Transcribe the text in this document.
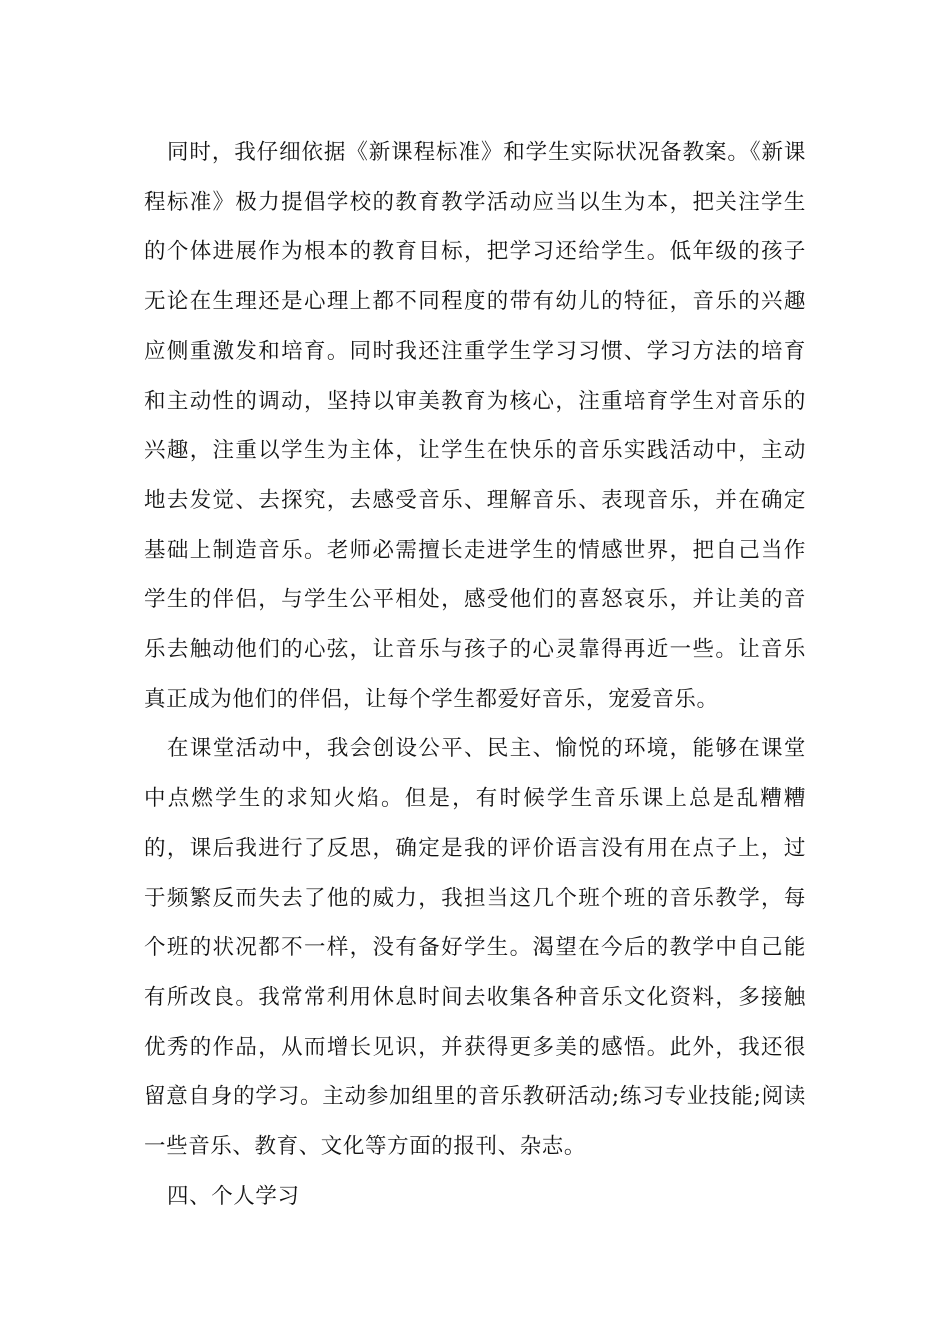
同时，我仔细依据《新课程标准》和学生实际状况备教案。《新课程标准》极力提倡学校的教育教学活动应当以生为本，把关注学生的个体进展作为根本的教育目标，把学习还给学生。低年级的孩子无论在生理还是心理上都不同程度的带有幼儿的特征，音乐的兴趣应侧重激发和培育。同时我还注重学生学习习惯、学习方法的培育和主动性的调动，坚持以审美教育为核心，注重培育学生对音乐的兴趣，注重以学生为主体，让学生在快乐的音乐实践活动中，主动地去发觉、去探究，去感受音乐、理解音乐、表现音乐，并在确定基础上制造音乐。老师必需擅长走进学生的情感世界，把自己当作学生的伴侣，与学生公平相处，感受他们的喜怒哀乐，并让美的音乐去触动他们的心弦，让音乐与孩子的心灵靠得再近一些。让音乐真正成为他们的伴侣，让每个学生都爱好音乐，宠爱音乐。

在课堂活动中，我会创设公平、民主、愉悦的环境，能够在课堂中点燃学生的求知火焰。但是，有时候学生音乐课上总是乱糟糟的，课后我进行了反思，确定是我的评价语言没有用在点子上，过于频繁反而失去了他的威力，我担当这几个班个班的音乐教学，每个班的状况都不一样，没有备好学生。渴望在今后的教学中自己能有所改良。我常常利用休息时间去收集各种音乐文化资料，多接触优秀的作品，从而增长见识，并获得更多美的感悟。此外，我还很留意自身的学习。主动参加组里的音乐教研活动;练习专业技能;阅读一些音乐、教育、文化等方面的报刊、杂志。

四、个人学习
